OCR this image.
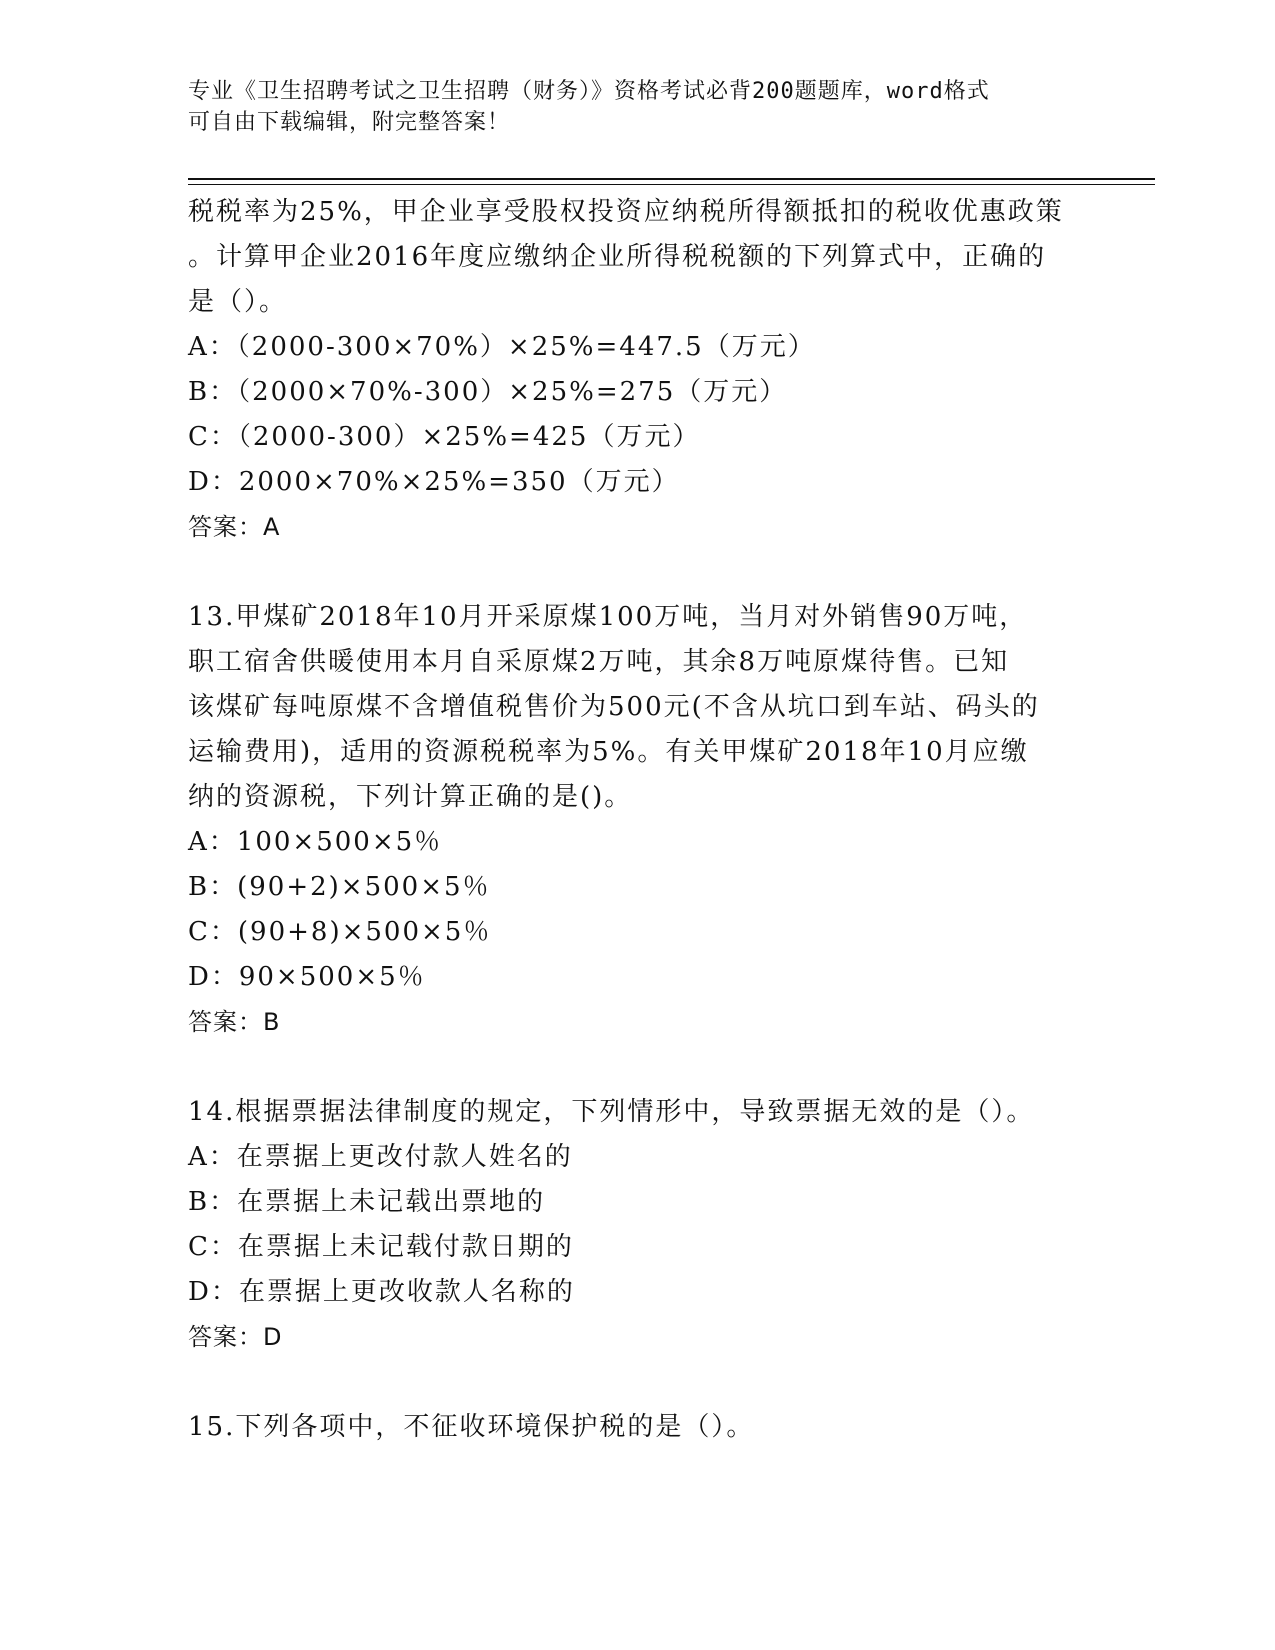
专业《卫生招聘考试之卫生招聘（财务）》资格考试必背200题题库，word格式
可自由下载编辑，附完整答案！
税税率为25%，甲企业享受股权投资应纳税所得额抵扣的税收优惠政策
。计算甲企业2016年度应缴纳企业所得税税额的下列算式中，正确的
是（）。
A：（2000-300×70%）×25%=447.5（万元）
B：（2000×70%-300）×25%=275（万元）
C：（2000-300）×25%=425（万元）
D：2000×70%×25%=350（万元）
答案：A
13.甲煤矿2018年10月开采原煤100万吨，当月对外销售90万吨，
职工宿舍供暖使用本月自采原煤2万吨，其余8万吨原煤待售。已知
该煤矿每吨原煤不含增值税售价为500元(不含从坑口到车站、码头的
运输费用)，适用的资源税税率为5%。有关甲煤矿2018年10月应缴
纳的资源税，下列计算正确的是()。
A：100×500×5％
B：(90+2)×500×5％
C：(90+8)×500×5％
D：90×500×5％
答案：B
14.根据票据法律制度的规定，下列情形中，导致票据无效的是（）。
A：在票据上更改付款人姓名的
B：在票据上未记载出票地的
C：在票据上未记载付款日期的
D：在票据上更改收款人名称的
答案：D
15.下列各项中，不征收环境保护税的是（）。
